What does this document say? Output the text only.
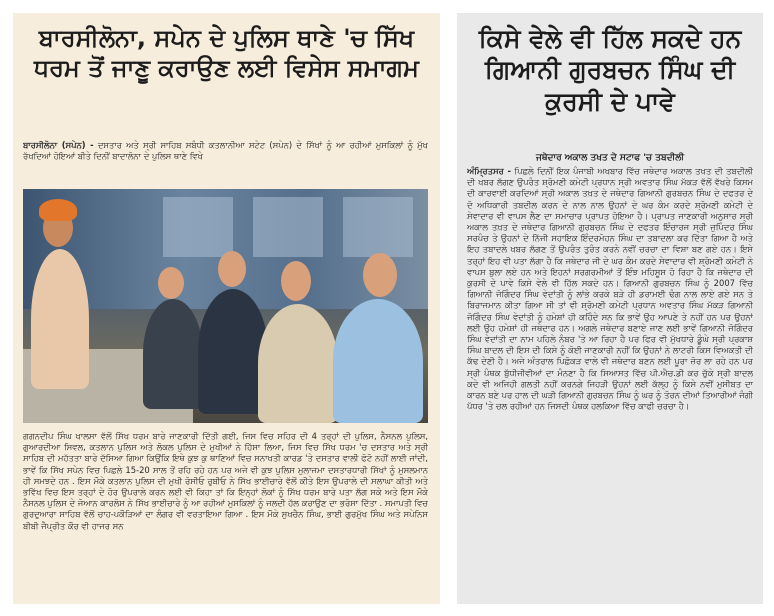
ਬਾਰਸੀਲੋਨਾ, ਸਪੇਨ ਦੇ ਪੁਲਿਸ ਥਾਣੇ 'ਚ ਸਿੱਖ ਧਰਮ ਤੋਂ ਜਾਣੂ ਕਰਾਉਣ ਲਈ ਵਿਸੇਸ ਸਮਾਗਮ

ਬਾਰਸੀਲੋਨਾ (ਸਪੇਨ) - ਦਸਤਾਰ ਅਤੇ ਸ੍ਰੀ ਸਾਹਿਬ ਸਬੰਧੀ ਕਤਲਾਨੀਆ ਸਟੇਟ (ਸਪੇਨ) ਦੇ ਸਿੱਖਾਂ ਨੂੰ ਆ ਰਹੀਆਂ ਮੁਸਕਿਲਾਂ ਨੂੰ ਮੁੱਖ ਰੱਖਦਿਆਂ ਹੋਇਆਂ ਬੀਤੇ ਦਿਨੀਂ ਬਾਦਾਲੋਨਾ ਦੇ ਪੁਲਿਸ ਥਾਣੇ ਵਿਖੇ

ਗਗਨਦੀਪ ਸਿੰਘ ਖਾਲਸਾ ਵੱਲੋਂ ਸਿੱਖ ਧਰਮ ਬਾਰੇ ਜਾਣਕਾਰੀ ਦਿੱਤੀ ਗਈ, ਜਿਸ ਵਿਚ ਸਹਿਰ ਦੀ 4 ਤਰ੍ਹਾਂ ਦੀ ਪੁਲਿਸ, ਨੈਸਨਲ ਪੁਲਿਸ, ਗੁਆਰਦੀਆ ਸਿਵਲ, ਕਤਲਾਨ ਪੁਲਿਸ ਅਤੇ ਲੋਕਲ ਪੁਲਿਸ ਦੇ ਮੁਖੀਆਂ ਨੇ ਹਿੱਸਾ ਲਿਆ, ਜਿਸ ਵਿਚ ਸਿੱਖ ਧਰਮ 'ਚ ਦਸਤਾਰ ਅਤੇ ਸ੍ਰੀ ਸਾਹਿਬ ਦੀ ਮਹੱਤਤਾ ਬਾਰੇ ਦੱਸਿਆ ਗਿਆ ਕਿਉਂਕਿ ਇਥੇ ਕੁਝ ਕੁ ਥਾਣਿਆਂ ਵਿਚ ਸਨਾਖਤੀ ਕਾਰਡ 'ਤੇ ਦਸਤਾਰ ਵਾਲੀ ਫੋਟੋ ਨਹੀਂ ਲਾਈ ਜਾਂਦੀ, ਭਾਵੇਂ ਕਿ ਸਿੱਖ ਸਪੇਨ ਵਿਚ ਪਿਛਲੇ 15-20 ਸਾਲ ਤੋਂ ਰਹਿ ਰਹੇ ਹਨ ਪਰ ਅਜੇ ਵੀ ਕੁਝ ਪੁਲਿਸ ਮੁਲਾਜਮਾ ਦਸਤਾਰਧਾਰੀ ਸਿੱਖਾਂ ਨੂੰ ਮੁਸਲਮਾਨ ਹੀ ਸਮਝਦੇ ਹਨ . ਇਸ ਮੌਕੇ ਕਤਲਾਨ ਪੁਲਿਸ ਦੀ ਮੁਖੀ ਰੋਸੀਓ ਰੁਬੀਓ ਨੇ ਸਿੱਖ ਭਾਈਚਾਰੇ ਵੱਲੋਂ ਕੀਤੇ ਇਸ ਉਪਰਾਲੇ ਦੀ ਸਲਾਘਾ ਕੀਤੀ ਅਤੇ ਭਵਿੱਖ ਵਿਚ ਇਸ ਤਰ੍ਹਾਂ ਦੇ ਹੋਰ ਉਪਰਾਲੇ ਕਰਨ ਲਈ ਵੀ ਕਿਹਾ ਤਾਂ ਕਿ ਇਨ੍ਹਾਂ ਲੋਕਾਂ ਨੂੰ ਸਿੱਖ ਧਰਮ ਬਾਰੇ ਪਤਾ ਲੱਗ ਸਕੇ ਅਤੇ ਇਸ ਮੌਕੇ ਨੈਸਨਲ ਪੁਲਿਸ ਦੇ ਜੋਆਨ ਕਾਰਲੋਸ ਨੇ ਸਿੱਖ ਭਾਈਚਾਰੇ ਨੂੰ ਆ ਰਹੀਆਂ ਮੁਸਕਿਲਾਂ ਨੂੰ ਜਲਦੀ ਹੱਲ ਕਰਾਉਣ ਦਾ ਭਰੋਸਾ ਦਿੱਤਾ . ਸਮਾਪਤੀ ਵਿਚ ਗੁਰਦੁਆਰਾ ਸਾਹਿਬ ਵੱਲੋਂ ਚਾਹ-ਪਕੌੜਿਆਂ ਦਾ ਲੰਗਰ ਵੀ ਵਰਤਾਇਆ ਗਿਆ . ਇਸ ਮੌਕੇ ਸੁਖਚੈਨ ਸਿੰਘ, ਭਾਈ ਗੁਰਮੁੱਖ ਸਿੰਘ ਅਤੇ ਸਪੇਨਿਸ ਬੀਬੀ ਜੈਪ੍ਰੀਤ ਕੌਰ ਵੀ ਹਾਜਰ ਸਨ

ਕਿਸੇ ਵੇਲੇ ਵੀ ਹਿੱਲ ਸਕਦੇ ਹਨ ਗਿਆਨੀ ਗੁਰਬਚਨ ਸਿੰਘ ਦੀ ਕੁਰਸੀ ਦੇ ਪਾਵੇ
ਜਥੇਦਾਰ ਅਕਾਲ ਤਖਤ ਦੇ ਸਟਾਫ 'ਚ ਤਬਦੀਲੀ

ਅੰਮ੍ਰਿਤਸਰ - ਪਿਛਲੇ ਦਿਨੀਂ ਇਕ ਪੰਜਾਬੀ ਅਖਬਾਰ ਵਿੱਚ ਜਥੇਦਾਰ ਅਕਾਲ ਤਖਤ ਦੀ ਤਬਦੀਲੀ ਦੀ ਖਬਰ ਲੱਗਣ ਉਪਰੰਤ ਸ਼੍ਰੋਮਣੀ ਕਮੇਟੀ ਪ੍ਰਧਾਨ ਸ੍ਰੀ ਅਵਤਾਰ ਸਿੰਘ ਮੱਕੜ ਵੱਲੋਂ ਵੱਖਰੇ ਕਿਸਮ ਦੀ ਕਾਰਵਾਈ ਕਰਦਿਆਂ ਸ੍ਰੀ ਅਕਾਲ ਤਖ਼ਤ ਦੇ ਜਥੇਦਾਰ ਗਿਆਨੀ ਗੁਰਬਚਨ ਸਿੰਘ ਦੇ ਦਫਤਰ ਦੇ ਦੋ ਅਧਿਕਾਰੀ ਤਬਦੀਲ ਕਰਨ ਦੇ ਨਾਲ ਨਾਲ ਉਹਨਾਂ ਦੇ ਘਰ ਕੰਮ ਕਰਦੇ ਸ਼੍ਰੋਮਣੀ ਕਮੇਟੀ ਦੇ ਸੇਵਾਦਾਰ ਵੀ ਵਾਪਸ ਲੈਣ ਦਾ ਸਮਾਚਾਰ ਪ੍ਰਾਪਤ ਹੋਇਆ ਹੈ। ਪ੍ਰਾਪਤ ਜਾਣਕਾਰੀ ਅਨੁਸਾਰ ਸ੍ਰੀ ਅਕਾਲ ਤਖ਼ਤ ਦੇ ਜਥੇਦਾਰ ਗਿਆਨੀ ਗੁਰਬਚਨ ਸਿੰਘ ਦੇ ਦਫਤਰ ਇੰਚਾਰਜ ਸ੍ਰੀ ਜੁਪਿੰਦਰ ਸਿੰਘ ਸਰਪੰਚ ਤੇ ਉਹਨਾਂ ਦੇ ਨਿੱਜੀ ਸਹਾਇਕ ਇੰਦਰਮੋਹਨ ਸਿੰਘ ਦਾ ਤਬਾਦਲਾ ਕਰ ਦਿੱਤਾ ਗਿਆ ਹੈ ਅਤੇ ਇਹ ਤਬਾਦਲੇ ਖਬਰ ਲੱਗਣ ਤੋਂ ਉਪਰੰਤ ਤੁਰੰਤ ਕਰਨੇ ਨਵੀਂ ਚਰਚਾ ਦਾ ਵਿਸ਼ਾ ਬਣ ਗਏ ਹਨ। ਇਸੇ ਤਰ੍ਹਾਂ ਇਹ ਵੀ ਪਤਾ ਲੱਗਾ ਹੈ ਕਿ ਜਥੇਦਾਰ ਜੀ ਦੇ ਘਰ ਕੰਮ ਕਰਦੇ ਸੇਵਾਦਾਰ ਵੀ ਸ਼੍ਰੋਮਣੀ ਕਮੇਟੀ ਨੇ ਵਾਪਸ ਬੁਲਾ ਲਏ ਹਨ ਅਤੇ ਇਹਨਾਂ ਸਰਗਰਮੀਆਂ ਤੋਂ ਇੰਝ ਮਹਿਸੂਸ ਹੋ ਰਿਹਾ ਹੈ ਕਿ ਜਥੇਦਾਰ ਦੀ ਕੁਰਸੀ ਦੇ ਪਾਵੇ ਕਿਸੇ ਵੇਲੇ ਵੀ ਹਿੱਲ ਸਕਦੇ ਹਨ। ਗਿਆਨੀ ਗੁਰਬਚਨ ਸਿੰਘ ਨੂੰ 2007 ਵਿੱਚ ਗਿਆਨੀ ਜੋਗਿੰਦਰ ਸਿੰਘ ਵੇਦਾਂਤੀ ਨੂੰ ਲਾਂਭੇ ਕਰਕੇ ਬੜੇ ਹੀ ਡਰਾਮਈ ਢੰਗ ਨਾਲ ਲਾਏ ਗਏ ਸਨ ਤੇ ਬਿਰਾਜਮਾਨ ਕੀਤਾ ਗਿਆ ਸੀ ਤਾਂ ਵੀ ਸ਼੍ਰੋਮਣੀ ਕਮੇਟੀ ਪ੍ਰਧਾਨ ਅਵਤਾਰ ਸਿੰਘ ਮੱਕੜ ਗਿਆਨੀ ਜੋਗਿੰਦਰ ਸਿੰਘ ਵੇਦਾਂਤੀ ਨੂੰ ਹਮੇਸ਼ਾਂ ਹੀ ਕਹਿੰਦੇ ਸਨ ਕਿ ਭਾਵੇਂ ਉਹ ਆਪਣੇ ਤੇ ਨਹੀਂ ਹਨ ਪਰ ਉਹਨਾਂ ਲਈ ਉਹ ਹਮੇਸ਼ਾਂ ਹੀ ਜਥੇਦਾਰ ਹਨ। ਅਗਲੇ ਜਥੇਦਾਰ ਬਣਾਏ ਜਾਣ ਲਈ ਭਾਵੇਂ ਗਿਆਨੀ ਜੋਗਿੰਦਰ ਸਿੰਘ ਵੇਦਾਂਤੀ ਦਾ ਨਾਮ ਪਹਿਲੇ ਨੰਬਰ 'ਤੇ ਆ ਰਿਹਾ ਹੈ ਪਰ ਫਿਰ ਵੀ ਮੁੱਖਧਾਰੇ ਡੂੰਘੇ ਸ੍ਰੀ ਪ੍ਰਕਾਸ਼ ਸਿੰਘ ਬਾਦਲ ਦੀ ਇਸ ਦੀ ਕਿਸੇ ਨੂੰ ਕੋਈ ਜਾਣਕਾਰੀ ਨਹੀਂ ਕਿ ਉਹਨਾਂ ਨੇ ਲਾਟਰੀ ਕਿਸ ਵਿਅਕਤੀ ਦੀ ਕੱਢ ਦੇਣੀ ਹੈ। ਅਜੇ ਅੰਤਰਾਲ ਪਿਛੋਕੜ ਵਾਲੇ ਵੀ ਜਥੇਦਾਰ ਬਣਨ ਲਈ ਪੂਰਾ ਜ਼ੋਰ ਲਾ ਰਹੇ ਹਨ ਪਰ ਸ੍ਰੀ ਪੰਥਕ ਬੁੱਧੀਜੀਵੀਆਂ ਦਾ ਮੰਨਣਾ ਹੈ ਕਿ ਸਿਆਸਤ ਵਿੱਚ ਪੀ.ਐਚ.ਡੀ ਕਰ ਚੁੱਕੇ ਸ੍ਰੀ ਬਾਦਲ ਕਦੇ ਵੀ ਅਜਿਹੀ ਗਲਤੀ ਨਹੀਂ ਕਰਨਗੇ ਜਿਹੜੀ ਉਹਨਾਂ ਲਈ ਕੱਲ੍ਹ ਨੂੰ ਕਿਸੇ ਨਵੀਂ ਮੁਸੀਬਤ ਦਾ ਕਾਰਨ ਬਣੇ ਪਰ ਹਾਲ ਦੀ ਘੜੀ ਗਿਆਨੀ ਗੁਰਬਚਨ ਸਿੰਘ ਨੂੰ ਘਰ ਨੂੰ ਤੋਰਨ ਦੀਆਂ ਤਿਆਰੀਆਂ ਜੰਗੀ ਪੱਧਰ 'ਤੇ ਚਲ ਰਹੀਆਂ ਹਨ ਜਿਸਦੀ ਪੰਥਕ ਹਲਕਿਆ ਵਿੱਚ ਕਾਫੀ ਚਰਚਾ ਹੈ।
